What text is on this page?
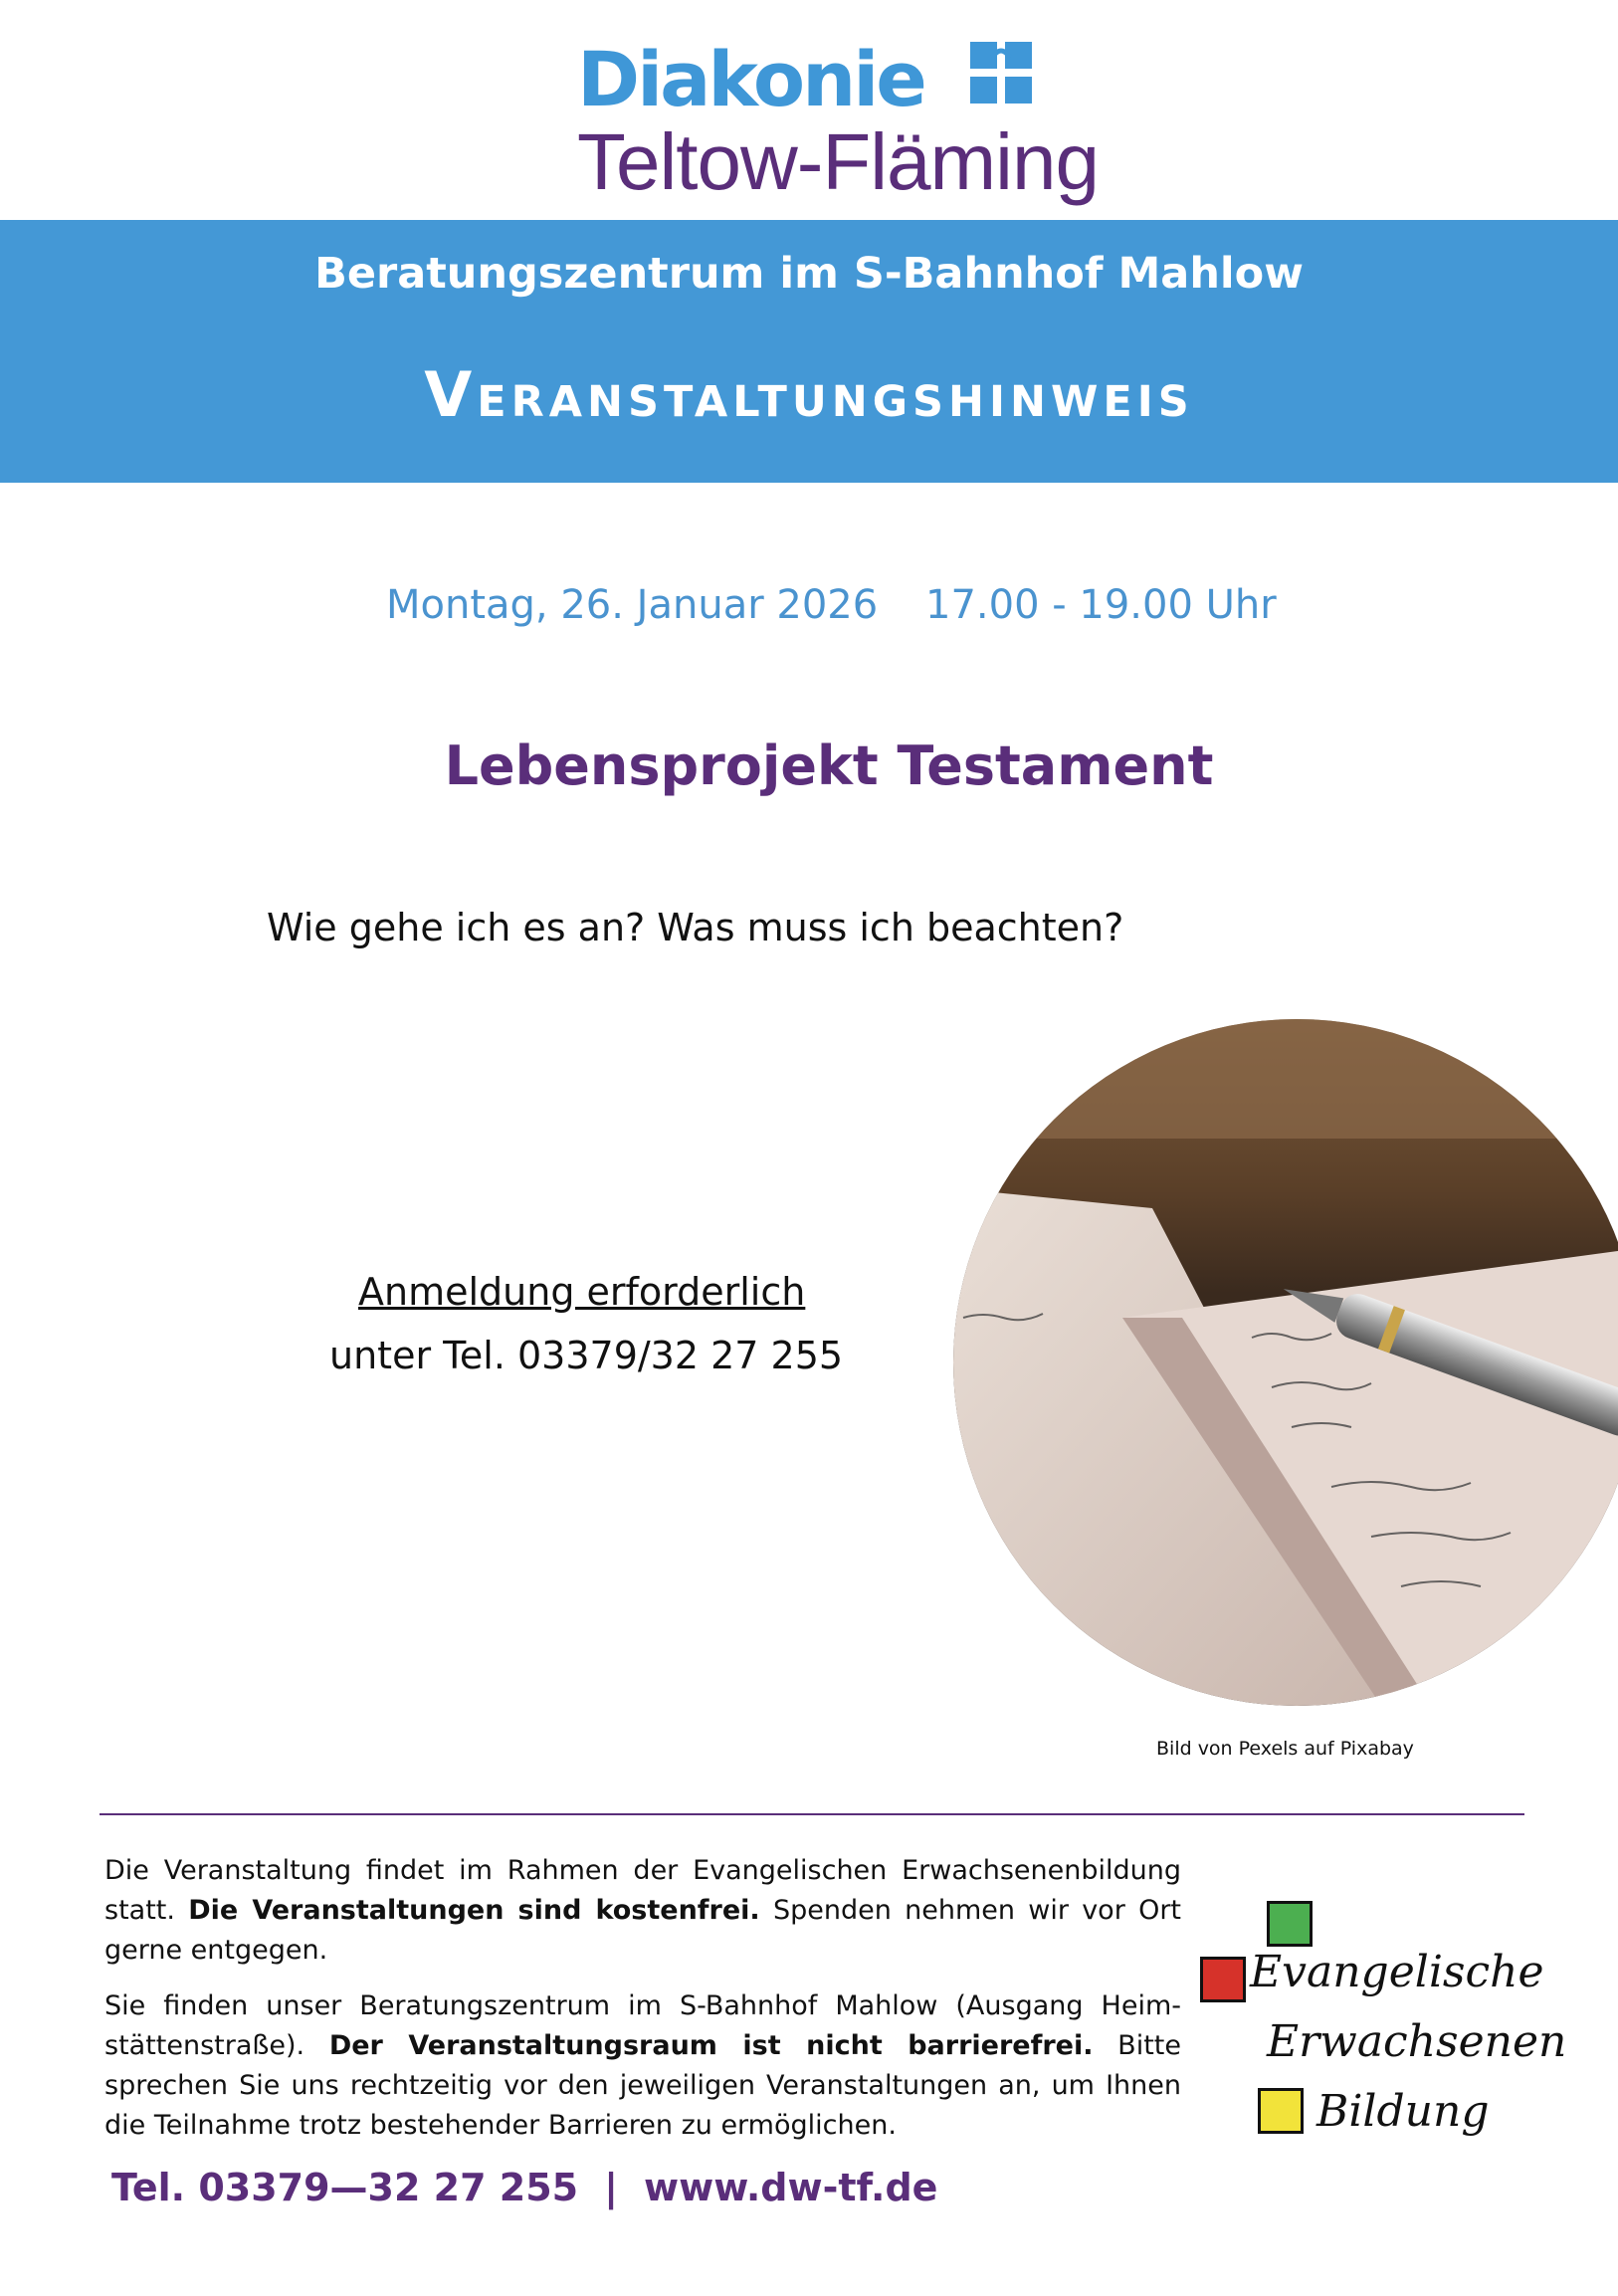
Diakonie
Teltow-Fläming
Beratungszentrum im S-Bahnhof Mahlow
Veranstaltungshinweis
Montag, 26. Januar 2026 17.00 - 19.00 Uhr
Lebensprojekt Testament
Wie gehe ich es an? Was muss ich beachten?
Anmeldung erforderlich
unter Tel. 03379/32 27 255
Bild von Pexels auf Pixabay

Die Veranstaltung findet im Rahmen der Evangelischen Erwachsenenbildung statt. Die Veranstaltungen sind kostenfrei. Spenden nehmen wir vor Ort gerne entgegen.

Sie finden unser Beratungszentrum im S-Bahnhof Mahlow (Ausgang Heimstättenstraße). Der Veranstaltungsraum ist nicht barrierefrei. Bitte sprechen Sie uns rechtzeitig vor den jeweiligen Veranstaltungen an, um Ihnen die Teilnahme trotz bestehender Barrieren zu ermöglichen.

Tel. 03379—32 27 255 | www.dw-tf.de
Evangelische
Erwachsenen
Bildung
